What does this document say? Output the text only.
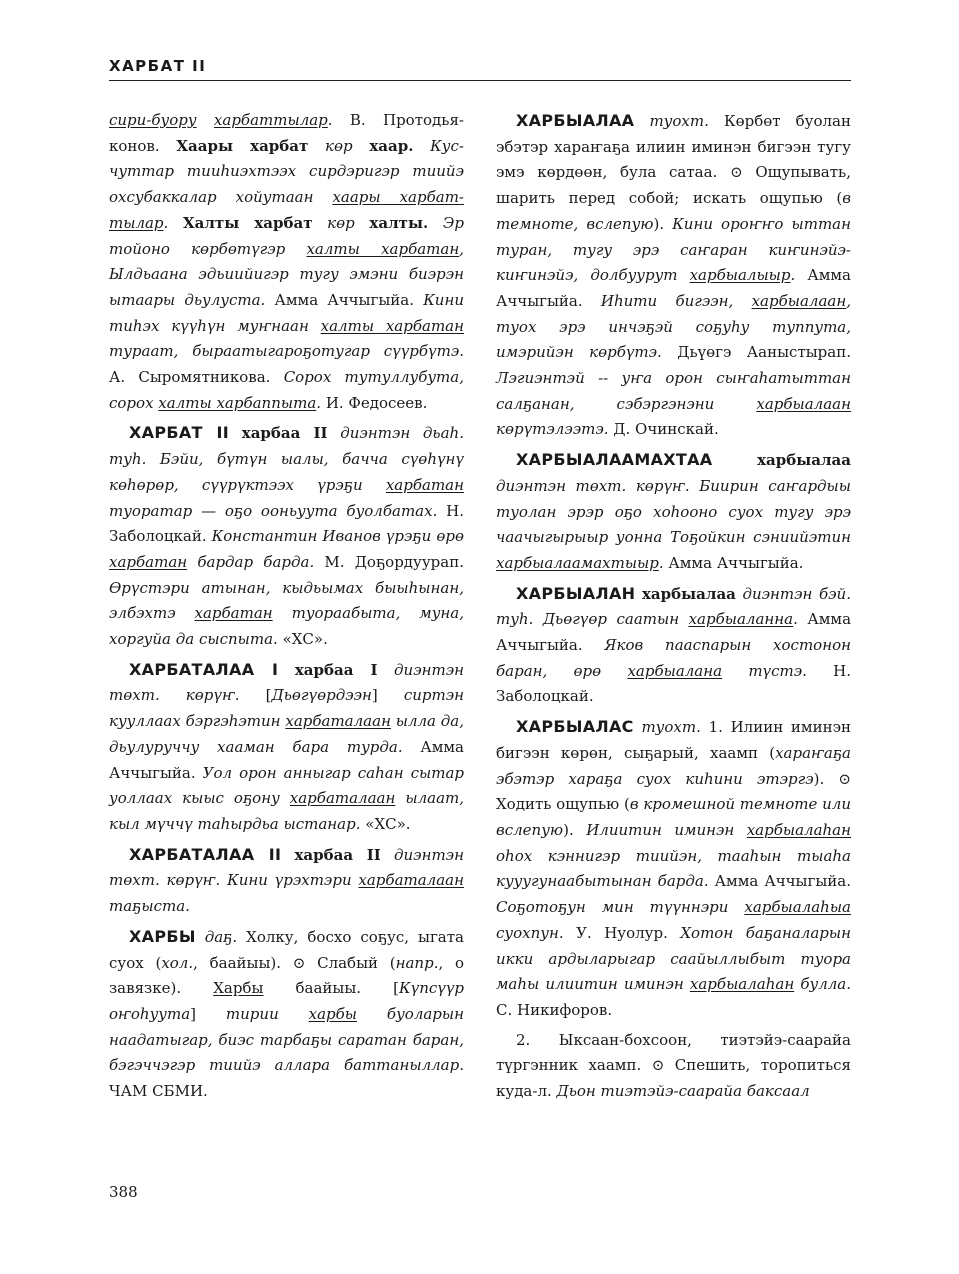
ХАРБАТ II

сири-буору харбаттылар. В. Протодьяконов. Хаары харбат көр хаар. Кусчуттар тииһиэхтээх сирдэригэр тиийэ охсубаккалар хойутаан хаары харбаттылар. Халты харбат көр халты. Эр тойоно көрбөтүгэр халты харбатан, Ылдьаана эдьиийигэр тугу эмэни биэрэн ытаары дьулуста. Амма Аччыгыйа. Кини тиһэх күүһүн муҥнаан халты харбатан тураат, быраатыгароҕотугар сүүрбүтэ. А. Сыромятникова. Сорох тутуллубута, сорох халты харбаппыта. И. Федосеев.

ХАРБАТ II харбаа II диэнтэн дьаһ. туһ. Бэйи, бүтүн ыалы, бачча сүөһүнү көһөрөр, сүүрүктээх үрэҕи харбатан туоратар — оҕо ооньуута буолбатах. Н. Заболоцкай. Константин Иванов үрэҕи өрө харбатан бардар барда. М. Доҕордуурап. Өрүстэри атынан, кыдьымах быыһынан, элбэхтэ харбатан туораабыта, муна, хоргуйа да сыспыта. «ХС».

ХАРБАТАЛАА I харбаа I диэнтэн төхт. көрүҥ. [Дьөгүөрдээн] сиртэн кууллаах бэргэһэтин харбаталаан ылла да, дьулуруччу хааман бара турда. Амма Аччыгыйа. Уол орон анныгар саһан сытар уоллаах кыыс оҕону харбаталаан ылаат, кыл мүччү таһырдьа ыстанар. «ХС».

ХАРБАТАЛАА II харбаа II диэнтэн төхт. көрүҥ. Кини үрэхтэри харбаталаан таҕыста.

ХАРБЫ даҕ. Холку, босхо соҕус, ыгата суох (хол., баайыы). ⊙ Слабый (напр., о завязке). Харбы баайыы. [Күпсүүр оҥоһуута] тирии харбы буоларын наадатыгар, биэс тарбаҕы саратан баран, бэгэччэгэр тиийэ аллара баттаныллар. ЧАМ СБМИ.

ХАРБЫАЛАА туохт. Көрбөт буолан эбэтэр хараҥаҕа илиин иминэн бигээн тугу эмэ көрдөөн, була сатаа. ⊙ Ощупывать, шарить перед собой; искать ощупью (в темноте, вслепую). Кини ороҥҥо ыттан туран, тугу эрэ саҥаран киҥинэйэ-киҥинэйэ, долбуурут харбыалыыр. Амма Аччыгыйа. Иһити бигээн, харбыалаан, туох эрэ инчэҕэй соҕуһу туппута, имэрийэн көрбүтэ. Дьүөгэ Ааныстырап. Лэгиэнтэй -- уҥа орон сыҥаһатыттан салҕанан, сэбэргэнэни харбыалаан көрүтэлээтэ. Д. Очинскай.

ХАРБЫАЛААМАХТАА	харбыалаа диэнтэн төхт. көрүҥ. Биирин саҥардыы туолан эрэр оҕо хоһооно суох тугу эрэ чаачыгырыыр уонна Тоҕойкин сэниийэтин харбыалаамахтыыр. Амма Аччыгыйа.

ХАРБЫАЛАН харбыалаа диэнтэн бэй. туһ. Дьөгүөр саатын харбыаланна. Амма Аччыгыйа. Яков пааспарын хостонон баран, өрө харбыалана түстэ. Н. Заболоцкай.

ХАРБЫАЛАС туохт. 1. Илиин иминэн бигээн көрөн, сыҕарый, хаамп (хараҥаҕа эбэтэр хараҕа суох киһини этэргэ). ⊙ Ходить ощупью (в кромешной темноте или вслепую). Илиитин иминэн харбыалаһан оһох кэннигэр тиийэн, тааһын тыаһа кууугунаабытынан барда. Амма Аччыгыйа. Соҕотоҕун мин түүннэри харбыалаһыа суохпун. У. Нуолур. Хотон баҕаналарын икки ардыларыгар саайыллыбыт туора маһы илиитин иминэн харбыалаһан булла. С. Никифоров.

2. Ыксаан-бохсоон, тиэтэйэ-саарайа түргэнник хаамп. ⊙ Спешить, торопиться куда-л. Дьон тиэтэйэ-саарайа баксаал

388
